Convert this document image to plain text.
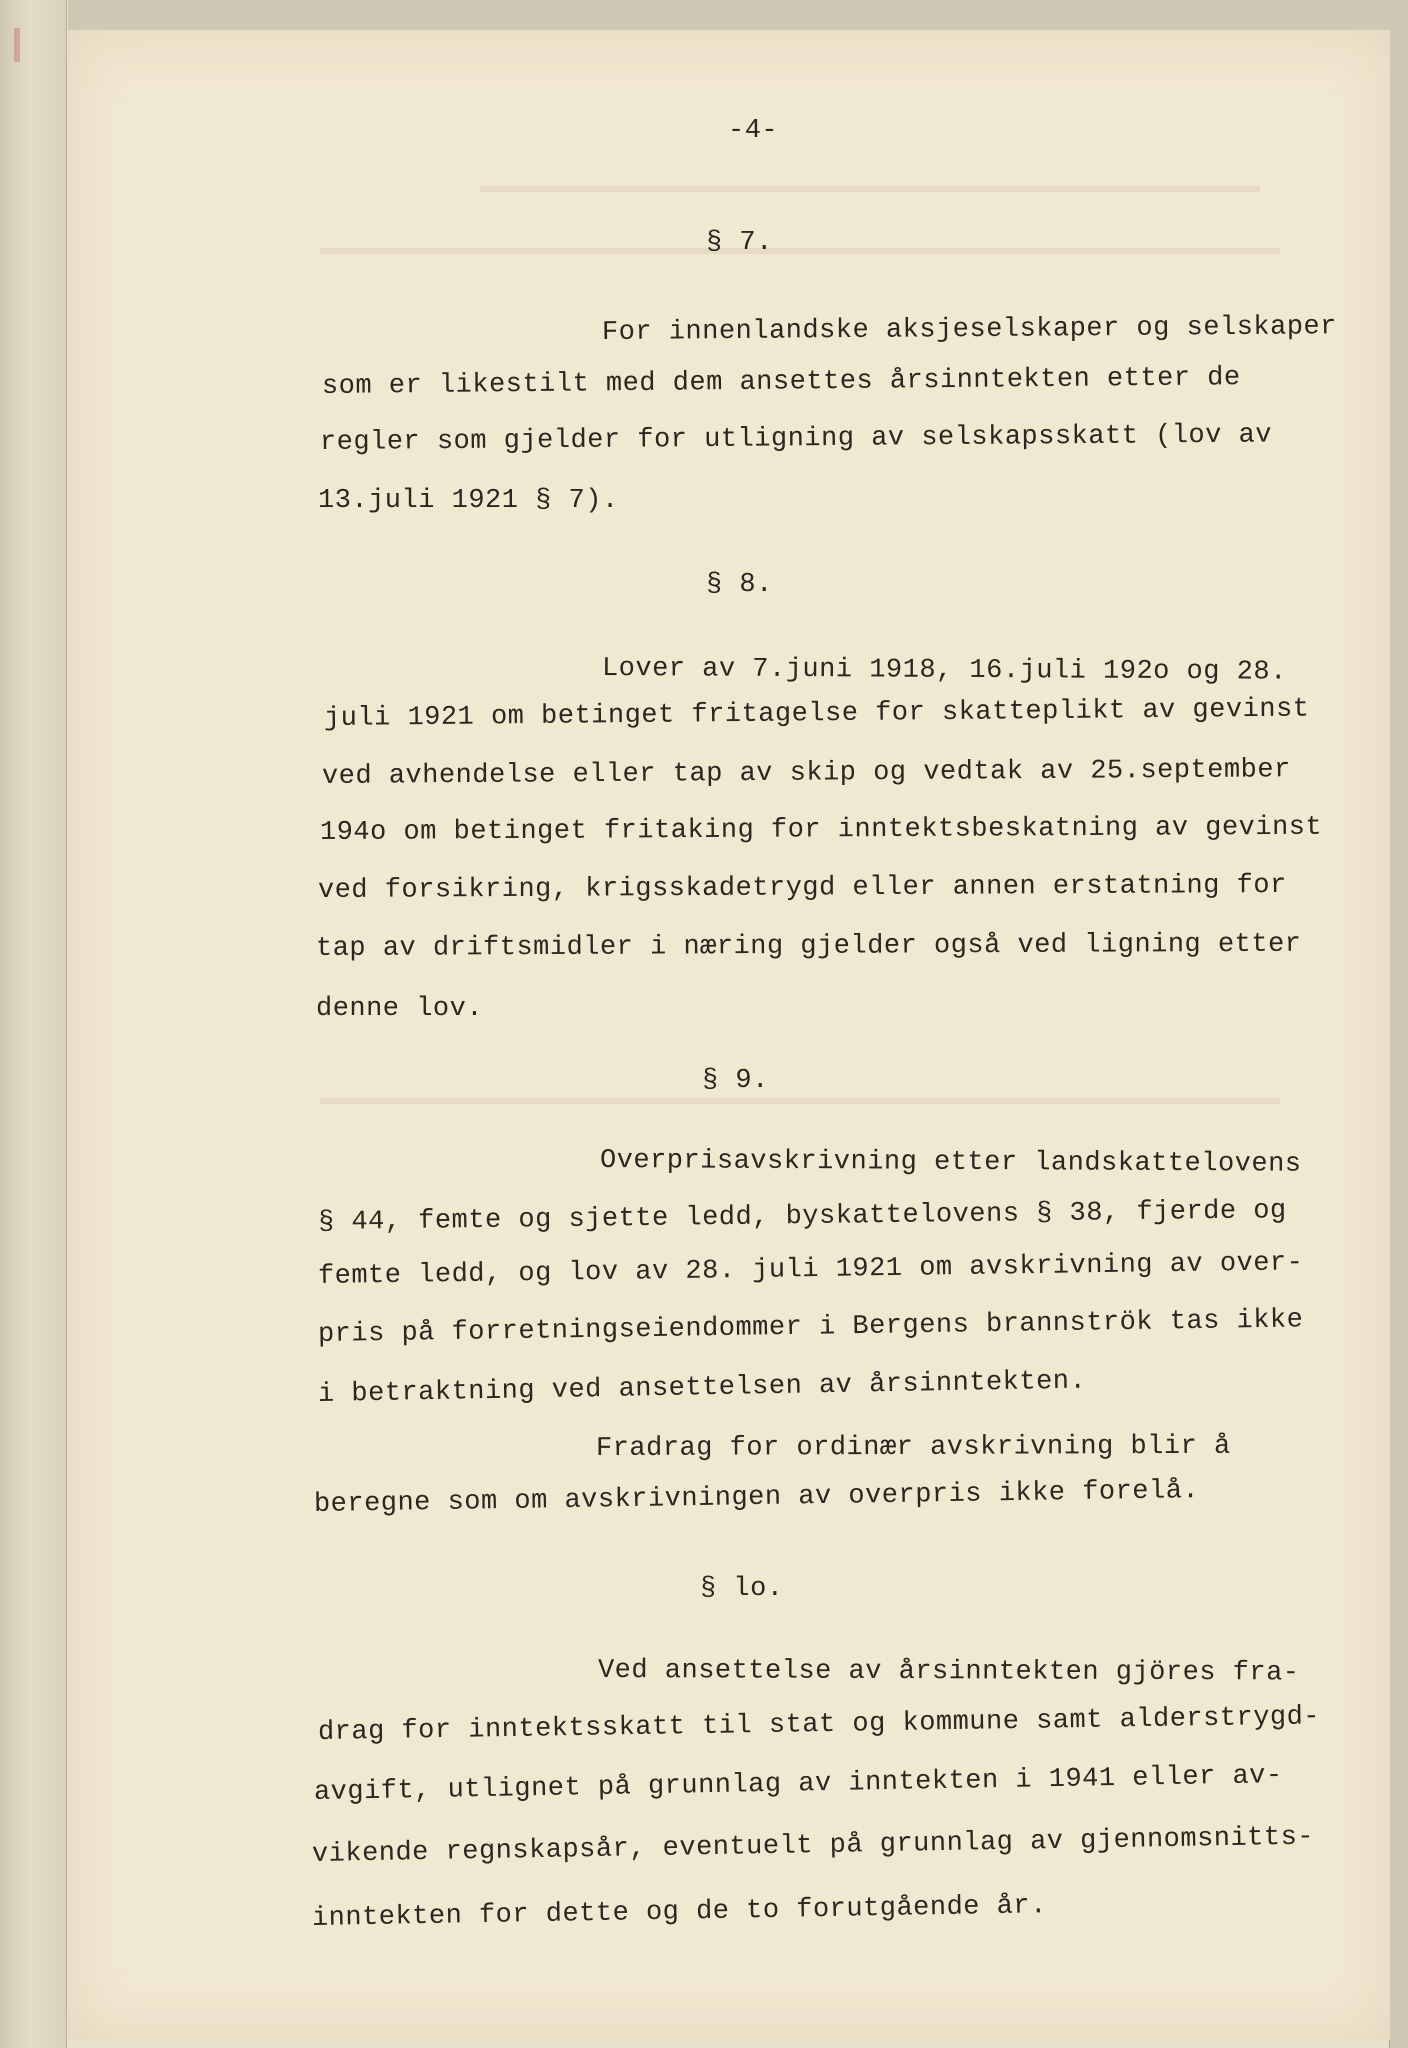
-4-
§ 7.
For innenlandske aksjeselskaper og selskaper
som er likestilt med dem ansettes årsinntekten etter de
regler som gjelder for utligning av selskapsskatt (lov av
13.juli 1921 § 7).
§ 8.
Lover av 7.juni 1918, 16.juli 192o og 28.
juli 1921 om betinget fritagelse for skatteplikt av gevinst
ved avhendelse eller tap av skip og vedtak av 25.september
194o om betinget fritaking for inntektsbeskatning av gevinst
ved forsikring, krigsskadetrygd eller annen erstatning for
tap av driftsmidler i næring gjelder også ved ligning etter
denne lov.
§ 9.
Overprisavskrivning etter landskattelovens
§ 44, femte og sjette ledd, byskattelovens § 38, fjerde og
femte ledd, og lov av 28. juli 1921 om avskrivning av over-
pris på forretningseiendommer i Bergens brannströk tas ikke
i betraktning ved ansettelsen av årsinntekten.
Fradrag for ordinær avskrivning blir å
beregne som om avskrivningen av overpris ikke forelå.
§ lo.
Ved ansettelse av årsinntekten gjöres fra-
drag for inntektsskatt til stat og kommune samt alderstrygd-
avgift, utlignet på grunnlag av inntekten i 1941 eller av-
vikende regnskapsår, eventuelt på grunnlag av gjennomsnitts-
inntekten for dette og de to forutgående år.
